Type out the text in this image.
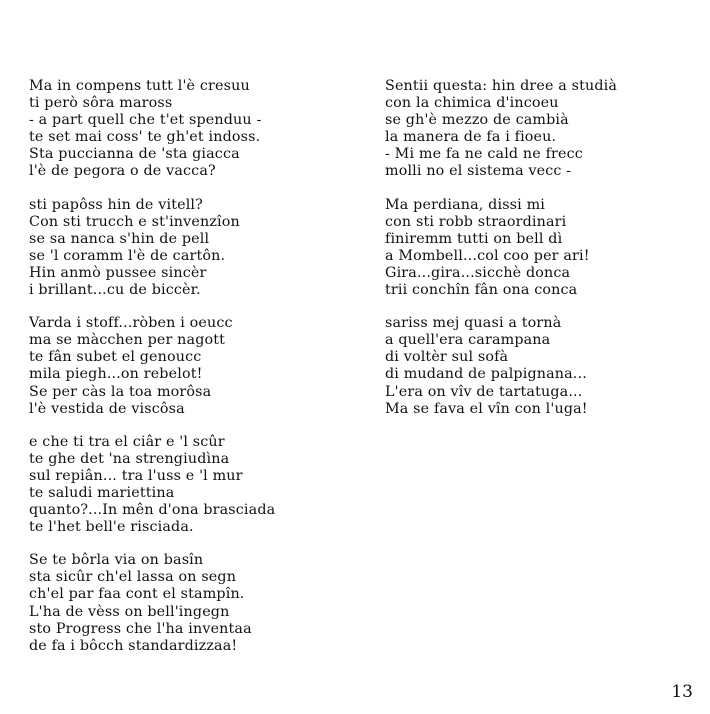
Ma in compens tutt l'è cresuu
ti però sôra maross
- a part quell che t'et spenduu -
te set mai coss' te gh'et indoss.
Sta puccianna de 'sta giacca
l'è de pegora o de vacca?
sti papôss hin de vitell?
Con sti trucch e st'invenzîon
se sa nanca s'hin de pell
se 'l coramm l'è de cartôn.
Hin anmò pussee sincèr
i brillant...cu de biccèr.
Varda i stoff...ròben i oeucc
ma se màcchen per nagott
te fân subet el genoucc
mila piegh...on rebelot!
Se per càs la toa morôsa
l'è vestida de viscôsa
e che ti tra el ciâr e 'l scûr
te ghe det 'na strengiudìna
sul repiân... tra l'uss e 'l mur
te saludi mariettina
quanto?...In mên d'ona brasciada
te l'het bell'e risciada.
Se te bôrla via on basîn
sta sicûr ch'el lassa on segn
ch'el par faa cont el stampîn.
L'ha de vèss on bell'ingegn
sto Progress che l'ha inventaa
de fa i bôcch standardizzaa!
Sentii questa: hin dree a studià
con la chimica d'incoeu
se gh'è mezzo de cambià
la manera de fa i fioeu.
- Mi me fa ne cald ne frecc
molli no el sistema vecc -
Ma perdiana, dissi mi
con sti robb straordinari
finiremm tutti on bell dì
a Mombell...col coo per ari!
Gira...gira...sicchè donca
trii conchîn fân ona conca
sariss mej quasi a tornà
a quell'era carampana
di voltèr sul sofà
di mudand de palpignana...
L'era on vîv de tartatuga...
Ma se fava el vîn con l'uga!
13
